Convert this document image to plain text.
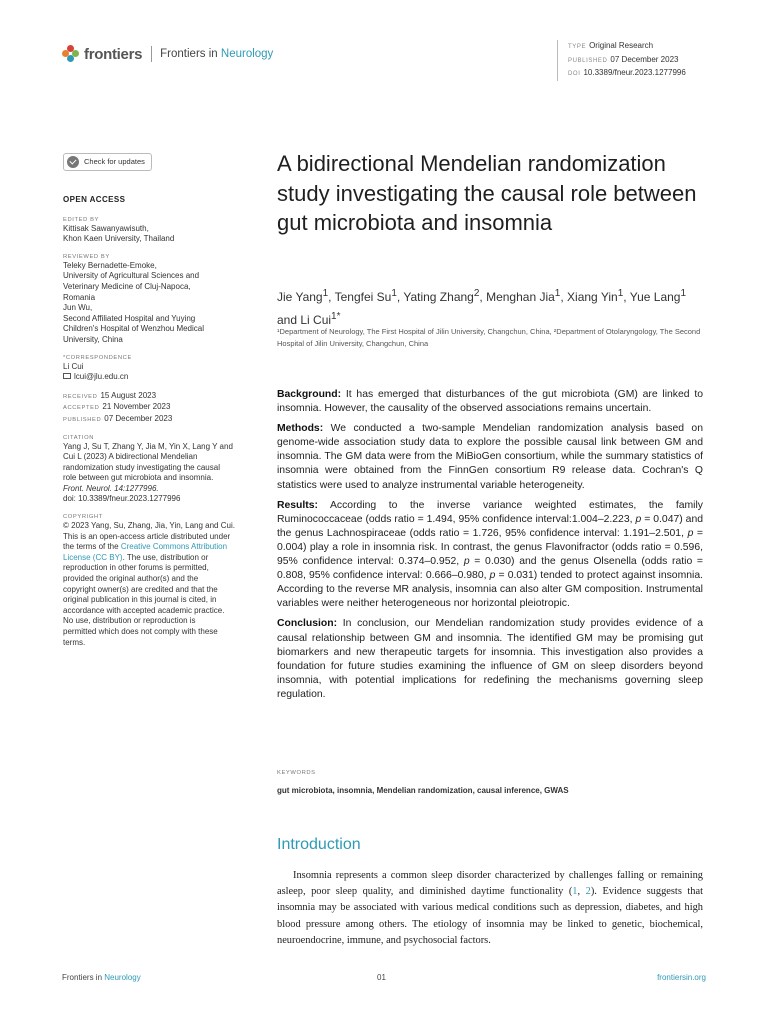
frontiers Frontiers in Neurology
TYPE Original Research
PUBLISHED 07 December 2023
DOI 10.3389/fneur.2023.1277996
Check for updates
OPEN ACCESS
EDITED BY
Kittisak Sawanyawisuth,
Khon Kaen University, Thailand
REVIEWED BY
Teleky Bernadette-Emoke,
University of Agricultural Sciences and
Veterinary Medicine of Cluj-Napoca,
Romania
Jun Wu,
Second Affiliated Hospital and Yuying
Children's Hospital of Wenzhou Medical
University, China
*CORRESPONDENCE
Li Cui
lcui@jlu.edu.cn
RECEIVED 15 August 2023
ACCEPTED 21 November 2023
PUBLISHED 07 December 2023
CITATION
Yang J, Su T, Zhang Y, Jia M, Yin X, Lang Y and
Cui L (2023) A bidirectional Mendelian
randomization study investigating the causal
role between gut microbiota and insomnia.
Front. Neurol. 14:1277996.
doi: 10.3389/fneur.2023.1277996
COPYRIGHT
© 2023 Yang, Su, Zhang, Jia, Yin, Lang and Cui.
This is an open-access article distributed under
the terms of the Creative Commons Attribution
License (CC BY). The use, distribution or
reproduction in other forums is permitted,
provided the original author(s) and the
copyright owner(s) are credited and that the
original publication in this journal is cited, in
accordance with accepted academic practice.
No use, distribution or reproduction is
permitted which does not comply with these
terms.
A bidirectional Mendelian randomization study investigating the causal role between gut microbiota and insomnia
Jie Yang$^1$, Tengfei Su$^1$, Yating Zhang$^2$, Menghan Jia$^1$, Xiang Yin$^1$, Yue Lang$^1$ and Li Cui$^{1*}$
¹Department of Neurology, The First Hospital of Jilin University, Changchun, China, ²Department of Otolaryngology, The Second Hospital of Jilin University, Changchun, China

Background: It has emerged that disturbances of the gut microbiota (GM) are linked to insomnia. However, the causality of the observed associations remains uncertain.

Methods: We conducted a two-sample Mendelian randomization analysis based on genome-wide association study data to explore the possible causal link between GM and insomnia. The GM data were from the MiBioGen consortium, while the summary statistics of insomnia were obtained from the FinnGen consortium R9 release data. Cochran's Q statistics were used to analyze instrumental variable heterogeneity.

Results: According to the inverse variance weighted estimates, the family Ruminococcaceae (odds ratio = 1.494, 95% confidence interval:1.004–2.223, p = 0.047) and the genus Lachnospiraceae (odds ratio = 1.726, 95% confidence interval: 1.191–2.501, p = 0.004) play a role in insomnia risk. In contrast, the genus Flavonifractor (odds ratio = 0.596, 95% confidence interval: 0.374–0.952, p = 0.030) and the genus Olsenella (odds ratio = 0.808, 95% confidence interval: 0.666–0.980, p = 0.031) tended to protect against insomnia. According to the reverse MR analysis, insomnia can also alter GM composition. Instrumental variables were neither heterogeneous nor horizontal pleiotropic.

Conclusion: In conclusion, our Mendelian randomization study provides evidence of a causal relationship between GM and insomnia. The identified GM may be promising gut biomarkers and new therapeutic targets for insomnia. This investigation also provides a foundation for future studies examining the influence of GM on sleep disorders beyond insomnia, with potential implications for redefining the mechanisms governing sleep regulation.

KEYWORDS
gut microbiota, insomnia, Mendelian randomization, causal inference, GWAS
Introduction

Insomnia represents a common sleep disorder characterized by challenges falling or remaining asleep, poor sleep quality, and diminished daytime functionality (1, 2). Evidence suggests that insomnia may be associated with various medical conditions such as depression, diabetes, and high blood pressure among others. The etiology of insomnia may be linked to genetic, biochemical, neuroendocrine, immune, and psychosocial factors.

Frontiers in Neurology	01	frontiersin.org
